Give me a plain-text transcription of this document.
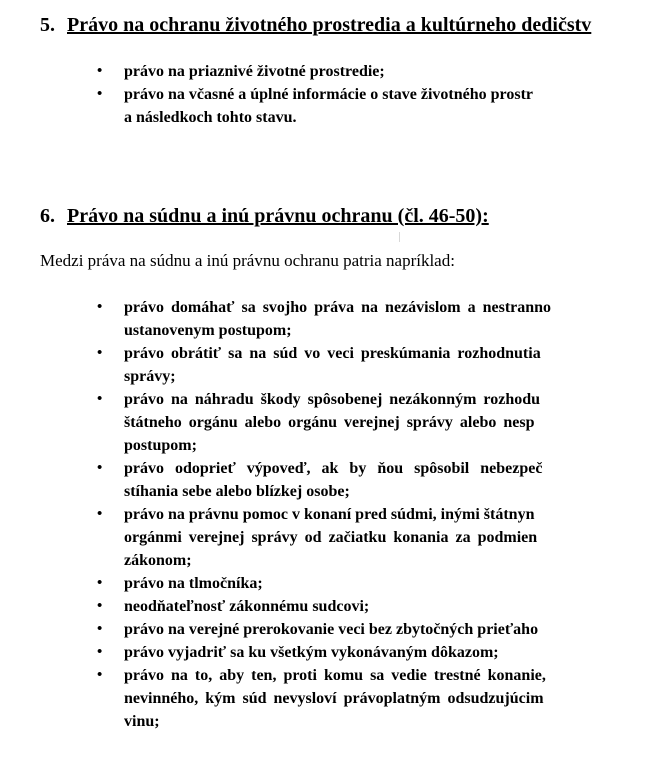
5. Právo na ochranu životného prostredia a kultúrneho dedičstv
• právo na priaznivé životné prostredie;
• právo na včasné a úplné informácie o stave životného prostr
a následkoch tohto stavu.
6. Právo na súdnu a inú právnu ochranu (čl. 46-50):
Medzi práva na súdnu a inú právnu ochranu patria napríklad:
• právo domáhať sa svojho práva na nezávislom a nestranno
ustanovenym postupom;
• právo obrátiť sa na súd vo veci preskúmania rozhodnutia
správy;
• právo na náhradu škody spôsobenej nezákonným rozhodu
štátneho orgánu alebo orgánu verejnej správy alebo nesp
postupom;
• právo odoprieť výpoveď, ak by ňou spôsobil nebezpeč
stíhania sebe alebo blízkej osobe;
• právo na právnu pomoc v konaní pred súdmi, inými štátnyn
orgánmi verejnej správy od začiatku konania za podmien
zákonom;
• právo na tlmočníka;
• neodňateľnosť zákonnému sudcovi;
• právo na verejné prerokovanie veci bez zbytočných prieťaho
• právo vyjadriť sa ku všetkým vykonávaným dôkazom;
• právo na to, aby ten, proti komu sa vedie trestné konanie,
nevinného, kým súd nevysloví právoplatným odsudzujúcim
vinu;
